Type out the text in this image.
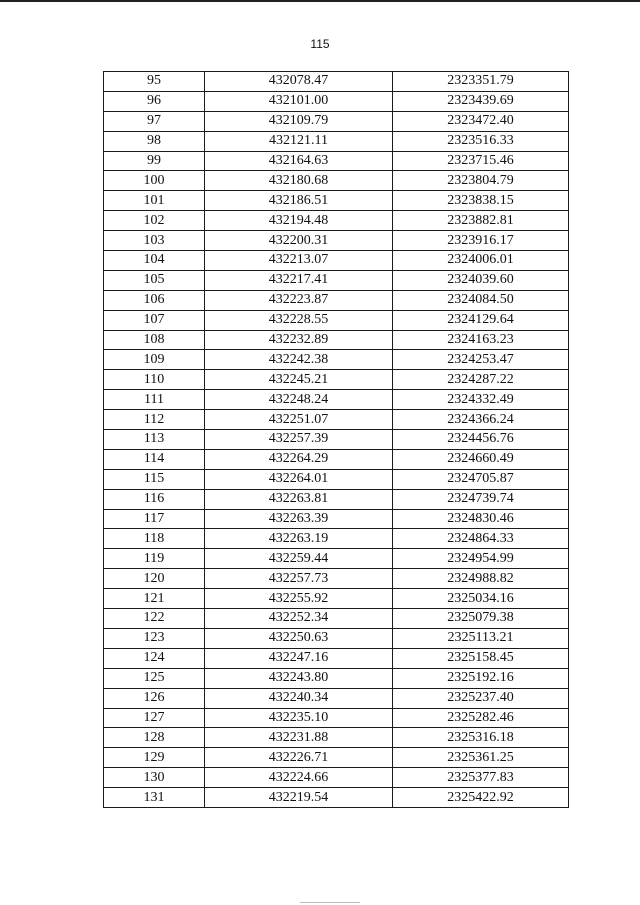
115
95	432078.47	2323351.79
96	432101.00	2323439.69
97	432109.79	2323472.40
98	432121.11	2323516.33
99	432164.63	2323715.46
100	432180.68	2323804.79
101	432186.51	2323838.15
102	432194.48	2323882.81
103	432200.31	2323916.17
104	432213.07	2324006.01
105	432217.41	2324039.60
106	432223.87	2324084.50
107	432228.55	2324129.64
108	432232.89	2324163.23
109	432242.38	2324253.47
110	432245.21	2324287.22
111	432248.24	2324332.49
112	432251.07	2324366.24
113	432257.39	2324456.76
114	432264.29	2324660.49
115	432264.01	2324705.87
116	432263.81	2324739.74
117	432263.39	2324830.46
118	432263.19	2324864.33
119	432259.44	2324954.99
120	432257.73	2324988.82
121	432255.92	2325034.16
122	432252.34	2325079.38
123	432250.63	2325113.21
124	432247.16	2325158.45
125	432243.80	2325192.16
126	432240.34	2325237.40
127	432235.10	2325282.46
128	432231.88	2325316.18
129	432226.71	2325361.25
130	432224.66	2325377.83
131	432219.54	2325422.92
